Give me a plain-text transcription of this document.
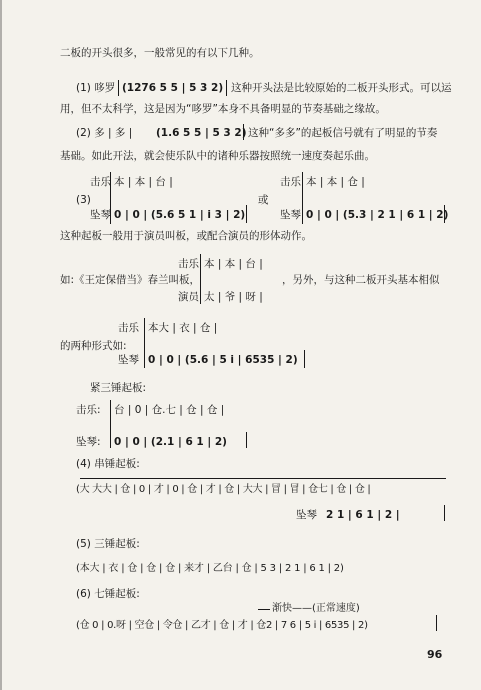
二板的开头很多，一般常见的有以下几种。
(1) 哆罗 (1276 5 5 | 5 3 2) 这种开头法是比较原始的二板开头形式。可以运
用，但不太科学，这是因为“哆罗”本身不具备明显的节奏基础之缘故。
(2) 多 | 多 | (1.6 5 5 | 5 3 2) 这种“多多”的起板信号就有了明显的节奏
基础。如此开法，就会使乐队中的诸种乐器按照统一速度奏起乐曲。
(3)
击乐 本 | 本 | 台 |
坠琴 0 | 0 | (5.6 5 1 | i 3 | 2)
或
击乐 本 | 本 | 仓 |
坠琴 0 | 0 | (5.3 | 2 1 | 6 1 | 2)
这种起板一般用于演员叫板，或配合演员的形体动作。
击乐 本 | 本 | 台 |
如:《王定保借当》春兰叫板，
演员 太 | 爷 | 呀 |
，另外，与这种二板开头基本相似
的两种形式如:
击乐 本大 | 衣 | 仓 |
坠琴 0 | 0 | (5.6 | 5 i | 6535 | 2)
紧三锤起板:
击乐: 台 | 0 | 仓.七 | 仓 | 仓 |
坠琴: 0 | 0 | (2.1 | 6 1 | 2)
(4) 串锤起板:
(大 大大 | 仓 | 0 | 才 | 0 | 仓 | 才 | 仓 | 大大 | 冒 | 冒 | 仓七 | 仓 | 仓 |
坠琴 2 1 | 6 1 | 2 |
(5) 三锤起板:
(本大 | 衣 | 仓 | 仓 | 仓 | 来才 | 乙台 | 仓 | 5 3 | 2 1 | 6 1 | 2)
(6) 七锤起板:
渐快——(正常速度)
(仓 0 | 0.呀 | 空仓 | 令仓 | 乙才 | 仓 | 才 | 仓2 | 7 6 | 5 i | 6535 | 2)
96
